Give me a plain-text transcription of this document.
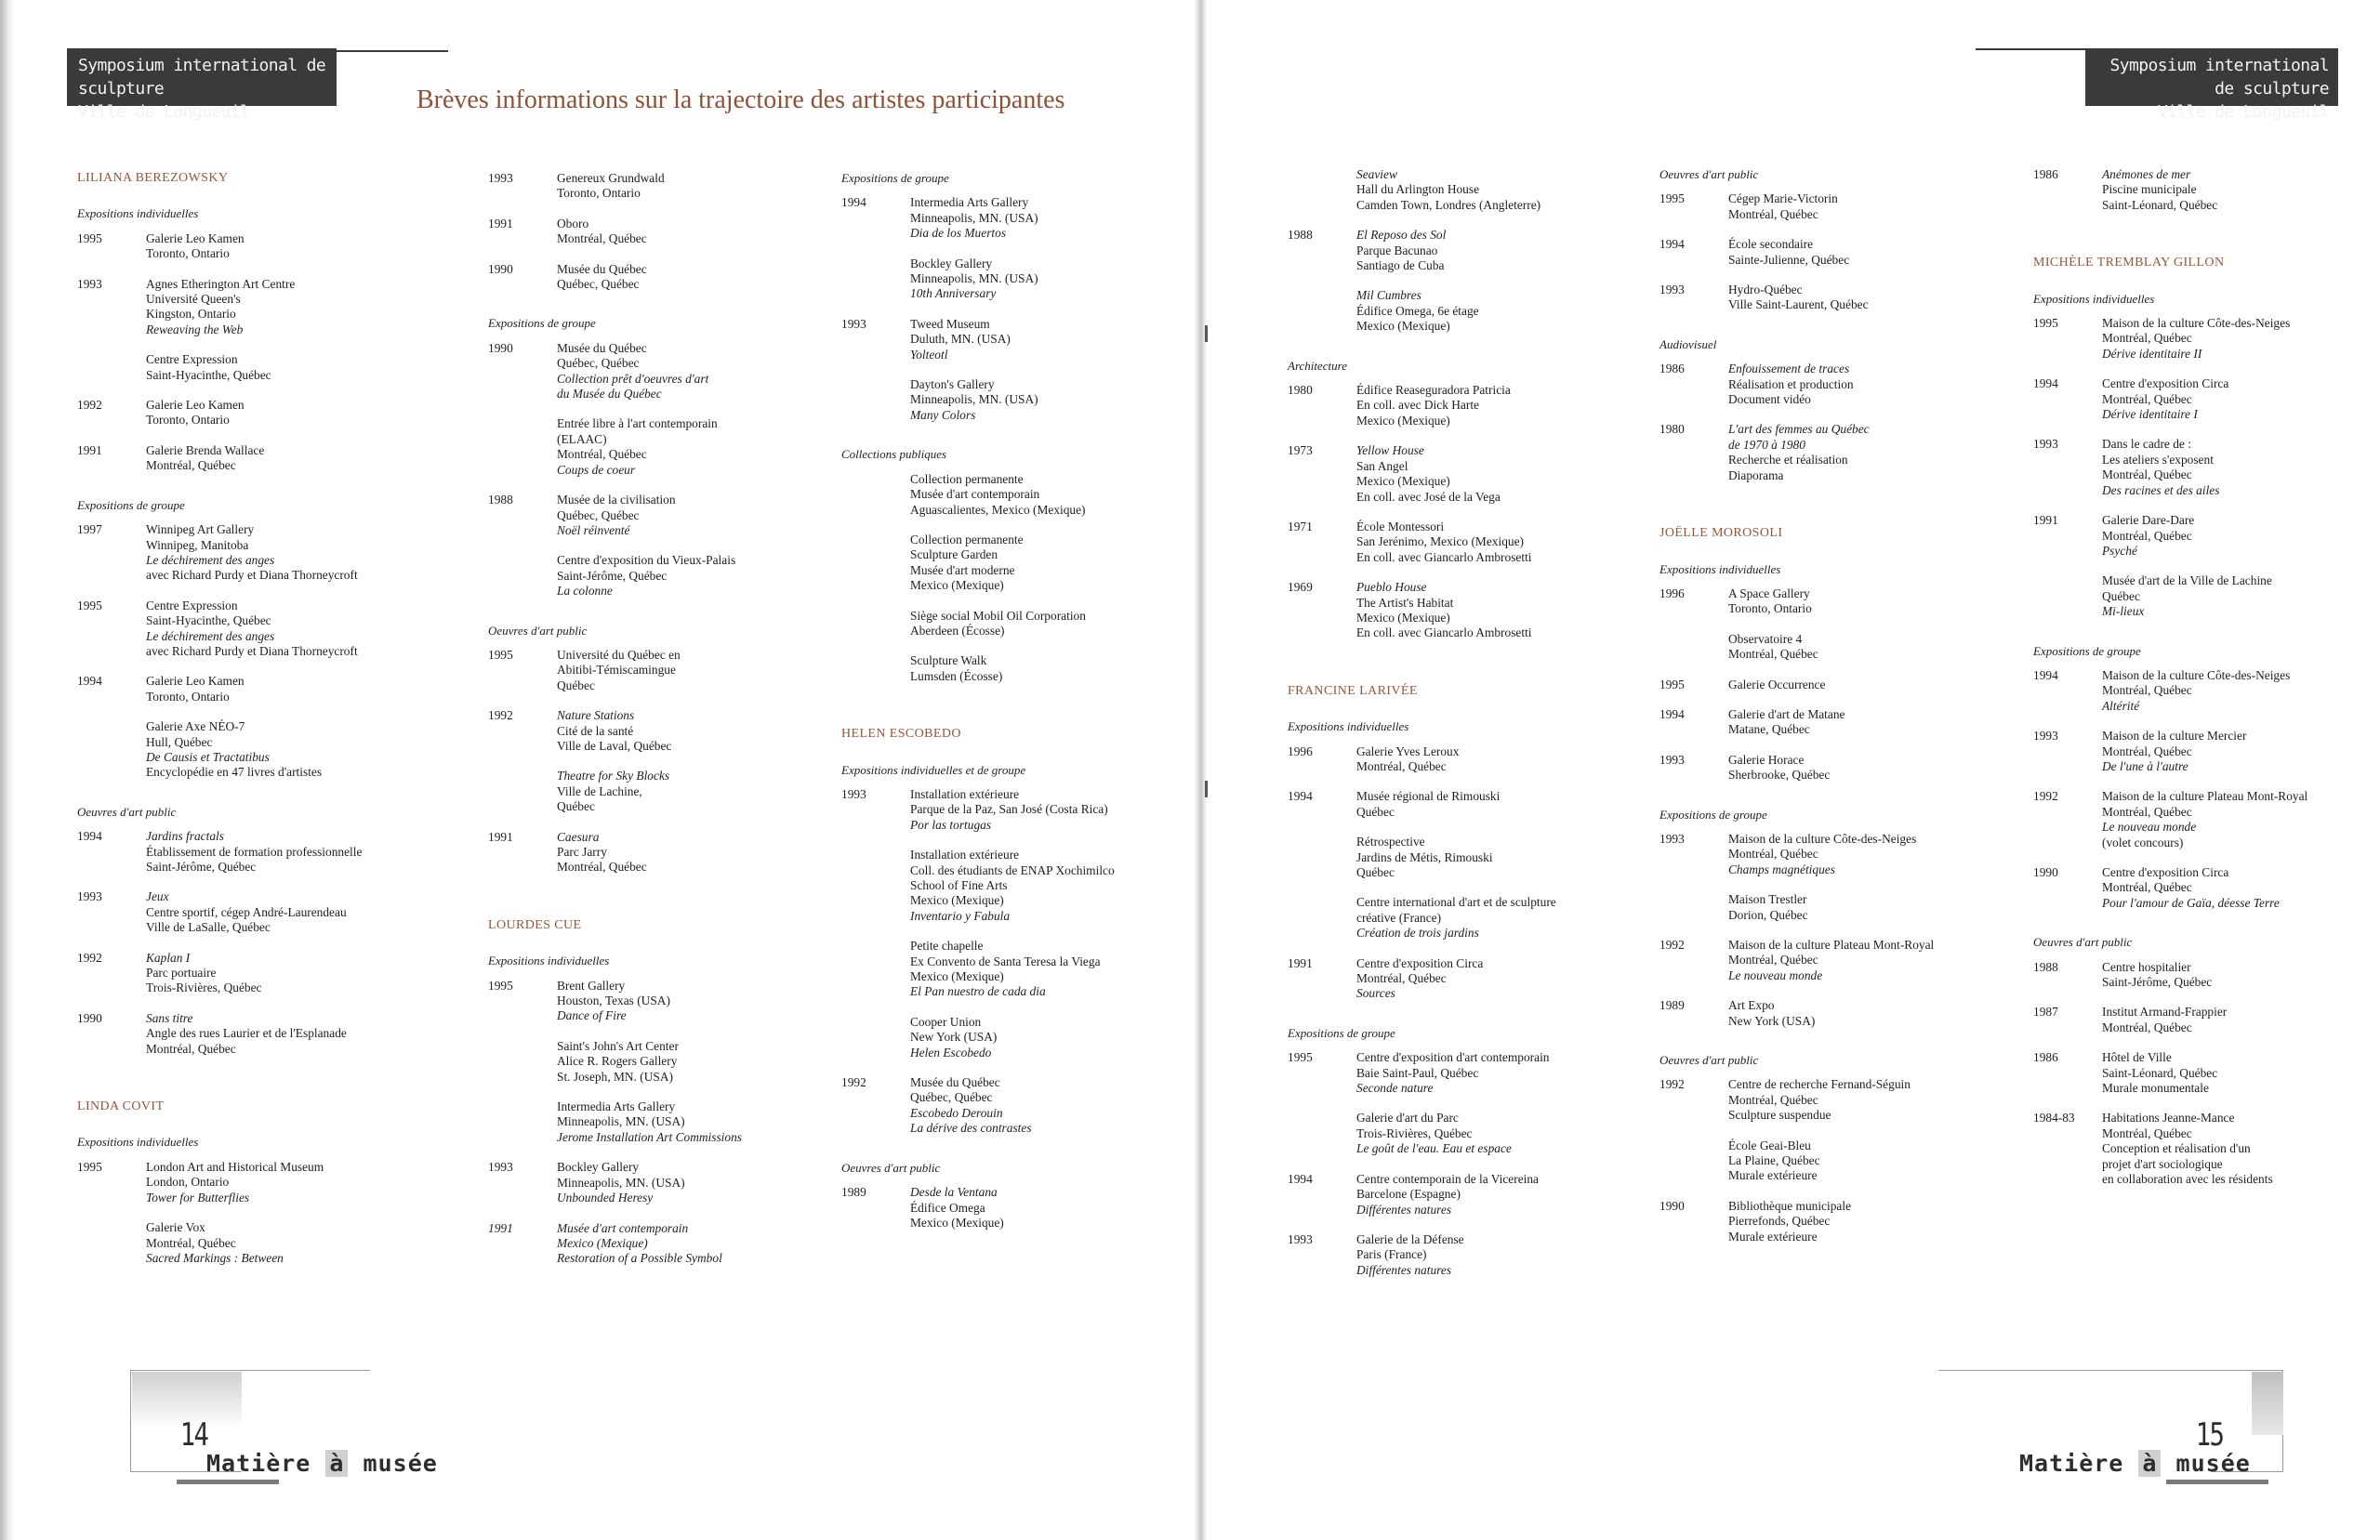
Symposium international de sculpture
Ville de Longueuil
Symposium international de sculpture
Ville de Longueuil
Brèves informations sur la trajectoire des artistes participantes
LILIANA BEREZOWSKY
Expositions individuelles
1995	Galerie Leo Kamen
Toronto, Ontario
1993	Agnes Etherington Art Centre
Université Queen's
Kingston, Ontario
Reweaving the Web
Centre Expression
Saint-Hyacinthe, Québec
1992	Galerie Leo Kamen
Toronto, Ontario
1991	Galerie Brenda Wallace
Montréal, Québec
Expositions de groupe
1997	Winnipeg Art Gallery
Winnipeg, Manitoba
Le déchirement des anges
avec Richard Purdy et Diana Thorneycroft
1995	Centre Expression
Saint-Hyacinthe, Québec
Le déchirement des anges
avec Richard Purdy et Diana Thorneycroft
1994	Galerie Leo Kamen
Toronto, Ontario
Galerie Axe NÉO-7
Hull, Québec
De Causis et Tractatibus
Encyclopédie en 47 livres d'artistes
Oeuvres d'art public
1994	Jardins fractals
Établissement de formation professionnelle
Saint-Jérôme, Québec
1993	Jeux
Centre sportif, cégep André-Laurendeau
Ville de LaSalle, Québec
1992	Kaplan I
Parc portuaire
Trois-Rivières, Québec
1990	Sans titre
Angle des rues Laurier et de l'Esplanade
Montréal, Québec
LINDA COVIT
Expositions individuelles
1995	London Art and Historical Museum
London, Ontario
Tower for Butterflies
Galerie Vox
Montréal, Québec
Sacred Markings : Between
1993	Genereux Grundwald
Toronto, Ontario
1991	Oboro
Montréal, Québec
1990	Musée du Québec
Québec, Québec
Expositions de groupe
1990	Musée du Québec
Québec, Québec
Collection prêt d'oeuvres d'art
du Musée du Québec
Entrée libre à l'art contemporain
(ELAAC)
Montréal, Québec
Coups de coeur
1988	Musée de la civilisation
Québec, Québec
Noël réinventé
Centre d'exposition du Vieux-Palais
Saint-Jérôme, Québec
La colonne
Oeuvres d'art public
1995	Université du Québec en
Abitibi-Témiscamingue
Québec
1992	Nature Stations
Cité de la santé
Ville de Laval, Québec
Theatre for Sky Blocks
Ville de Lachine,
Québec
1991	Caesura
Parc Jarry
Montréal, Québec
LOURDES CUE
Expositions individuelles
1995	Brent Gallery
Houston, Texas (USA)
Dance of Fire
Saint's John's Art Center
Alice R. Rogers Gallery
St. Joseph, MN. (USA)
Intermedia Arts Gallery
Minneapolis, MN. (USA)
Jerome Installation Art Commissions
1993	Bockley Gallery
Minneapolis, MN. (USA)
Unbounded Heresy
1991	Musée d'art contemporain
Mexico (Mexique)
Restoration of a Possible Symbol
Expositions de groupe
1994	Intermedia Arts Gallery
Minneapolis, MN. (USA)
Dia de los Muertos
Bockley Gallery
Minneapolis, MN. (USA)
10th Anniversary
1993	Tweed Museum
Duluth, MN. (USA)
Yolteotl
Dayton's Gallery
Minneapolis, MN. (USA)
Many Colors
Collections publiques
Collection permanente
Musée d'art contemporain
Aguascalientes, Mexico (Mexique)
Collection permanente
Sculpture Garden
Musée d'art moderne
Mexico (Mexique)
Siège social Mobil Oil Corporation
Aberdeen (Écosse)
Sculpture Walk
Lumsden (Écosse)
HELEN ESCOBEDO
Expositions individuelles et de groupe
1993	Installation extérieure
Parque de la Paz, San José (Costa Rica)
Por las tortugas
Installation extérieure
Coll. des étudiants de ENAP Xochimilco
School of Fine Arts
Mexico (Mexique)
Inventario y Fabula
Petite chapelle
Ex Convento de Santa Teresa la Viega
Mexico (Mexique)
El Pan nuestro de cada dia
Cooper Union
New York (USA)
Helen Escobedo
1992	Musée du Québec
Québec, Québec
Escobedo Derouin
La dérive des contrastes
Oeuvres d'art public
1989	Desde la Ventana
Édifice Omega
Mexico (Mexique)
Seaview
Hall du Arlington House
Camden Town, Londres (Angleterre)
1988	El Reposo des Sol
Parque Bacunao
Santiago de Cuba
Mil Cumbres
Édifice Omega, 6e étage
Mexico (Mexique)
Architecture
1980	Édifice Reaseguradora Patricia
En coll. avec Dick Harte
Mexico (Mexique)
1973	Yellow House
San Angel
Mexico (Mexique)
En coll. avec José de la Vega
1971	École Montessori
San Jerénimo, Mexico (Mexique)
En coll. avec Giancarlo Ambrosetti
1969	Pueblo House
The Artist's Habitat
Mexico (Mexique)
En coll. avec Giancarlo Ambrosetti
FRANCINE LARIVÉE
Expositions individuelles
1996	Galerie Yves Leroux
Montréal, Québec
1994	Musée régional de Rimouski
Québec
Rétrospective
Jardins de Métis, Rimouski
Québec
Centre international d'art et de sculpture
créative (France)
Création de trois jardins
1991	Centre d'exposition Circa
Montréal, Québec
Sources
Expositions de groupe
1995	Centre d'exposition d'art contemporain
Baie Saint-Paul, Québec
Seconde nature
Galerie d'art du Parc
Trois-Rivières, Québec
Le goût de l'eau. Eau et espace
1994	Centre contemporain de la Vicereina
Barcelone (Espagne)
Différentes natures
1993	Galerie de la Défense
Paris (France)
Différentes natures
Oeuvres d'art public
1995	Cégep Marie-Victorin
Montréal, Québec
1994	École secondaire
Sainte-Julienne, Québec
1993	Hydro-Québec
Ville Saint-Laurent, Québec
Audiovisuel
1986	Enfouissement de traces
Réalisation et production
Document vidéo
1980	L'art des femmes au Québec
de 1970 à 1980
Recherche et réalisation
Diaporama
JOËLLE MOROSOLI
Expositions individuelles
1996	A Space Gallery
Toronto, Ontario
Observatoire 4
Montréal, Québec
1995	Galerie Occurrence
1994	Galerie d'art de Matane
Matane, Québec
1993	Galerie Horace
Sherbrooke, Québec
Expositions de groupe
1993	Maison de la culture Côte-des-Neiges
Montréal, Québec
Champs magnétiques
Maison Trestler
Dorion, Québec
1992	Maison de la culture Plateau Mont-Royal
Montréal, Québec
Le nouveau monde
1989	Art Expo
New York (USA)
Oeuvres d'art public
1992	Centre de recherche Fernand-Séguin
Montréal, Québec
Sculpture suspendue
École Geai-Bleu
La Plaine, Québec
Murale extérieure
1990	Bibliothèque municipale
Pierrefonds, Québec
Murale extérieure
1986	Anémones de mer
Piscine municipale
Saint-Léonard, Québec
MICHÈLE TREMBLAY GILLON
Expositions individuelles
1995	Maison de la culture Côte-des-Neiges
Montréal, Québec
Dérive identitaire II
1994	Centre d'exposition Circa
Montréal, Québec
Dérive identitaire I
1993	Dans le cadre de :
Les ateliers s'exposent
Montréal, Québec
Des racines et des ailes
1991	Galerie Dare-Dare
Montréal, Québec
Psyché
Musée d'art de la Ville de Lachine
Québec
Mi-lieux
Expositions de groupe
1994	Maison de la culture Côte-des-Neiges
Montréal, Québec
Altérité
1993	Maison de la culture Mercier
Montréal, Québec
De l'une à l'autre
1992	Maison de la culture Plateau Mont-Royal
Montréal, Québec
Le nouveau monde
(volet concours)
1990	Centre d'exposition Circa
Montréal, Québec
Pour l'amour de Gaïa, déesse Terre
Oeuvres d'art public
1988	Centre hospitalier
Saint-Jérôme, Québec
1987	Institut Armand-Frappier
Montréal, Québec
1986	Hôtel de Ville
Saint-Léonard, Québec
Murale monumentale
1984-83	Habitations Jeanne-Mance
Montréal, Québec
Conception et réalisation d'un
projet d'art sociologique
en collaboration avec les résidents
14
Matière à musée	Matière à musée
15
